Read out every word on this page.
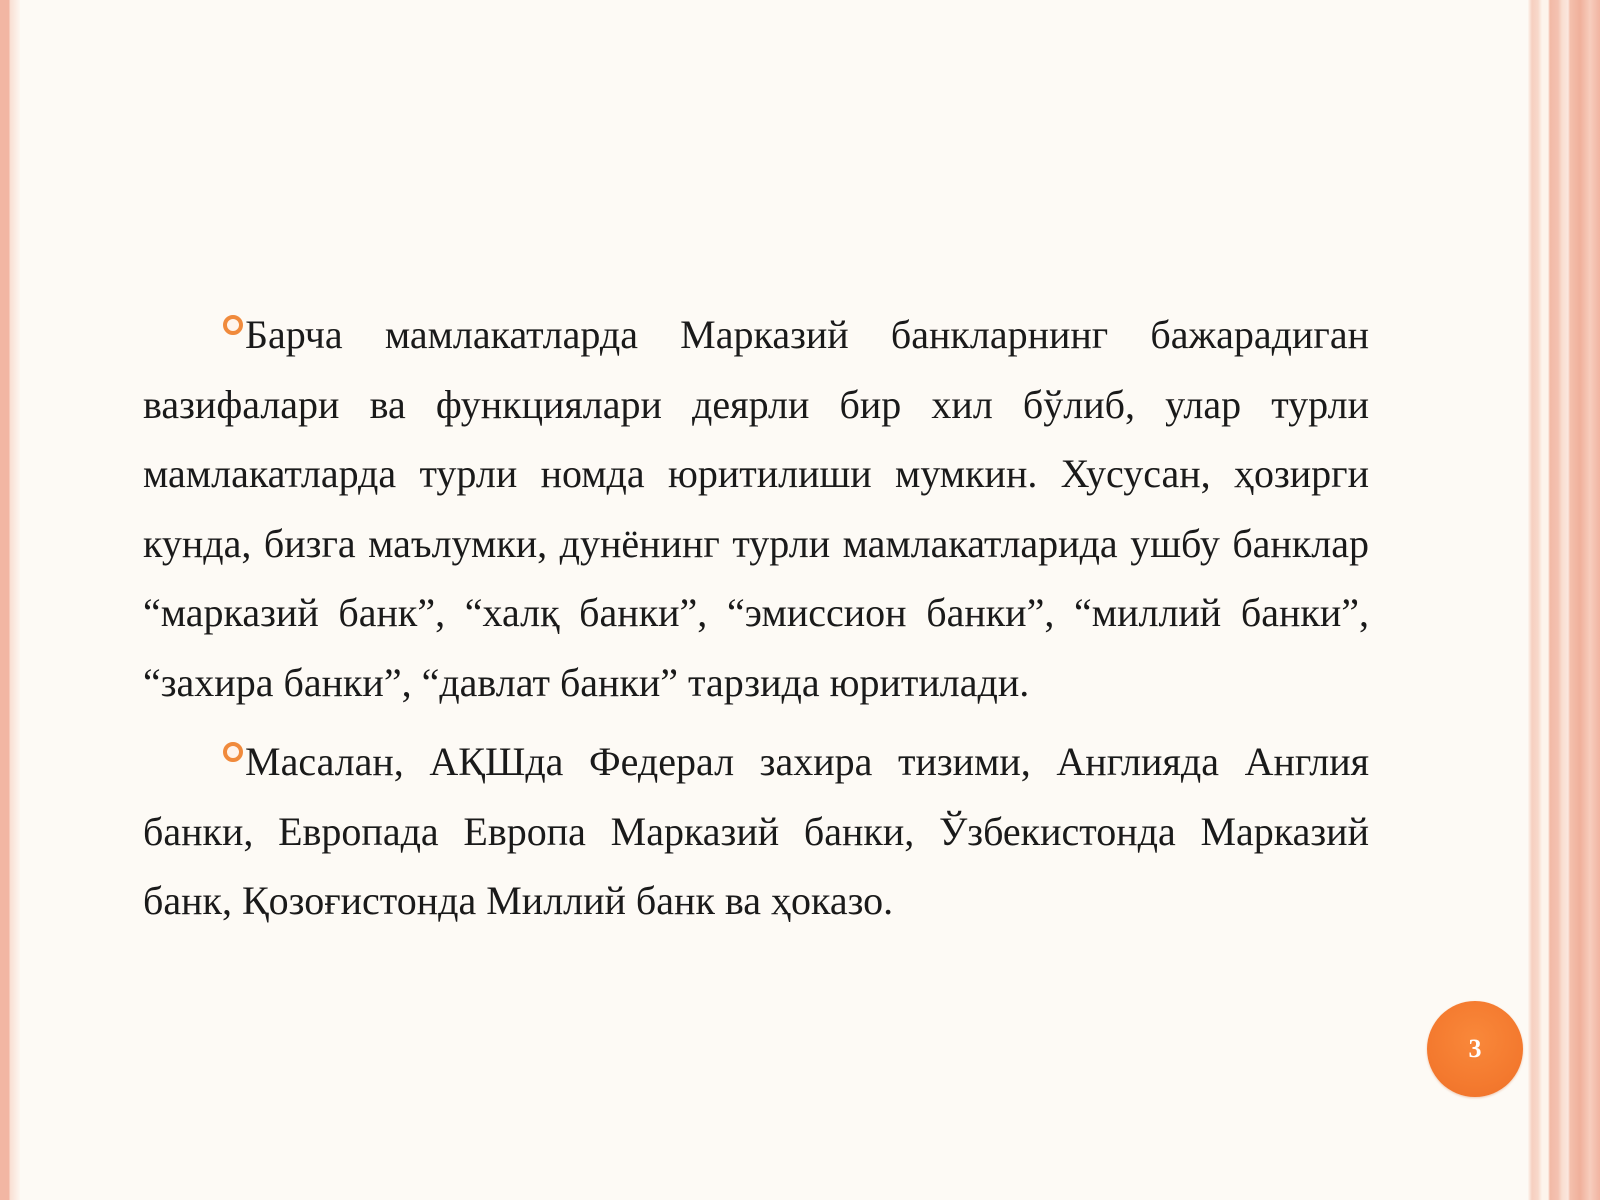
Барча мамлакатларда Марказий банкларнинг бажарадиган вазифалари ва функциялари деярли бир хил бўлиб, улар турли мамлакатларда турли номда юритилиши мумкин. Хусусан, ҳозирги кунда, бизга маълумки, дунёнинг турли мамлакатларида ушбу банклар “марказий банк”, “халқ банки”, “эмиссион банки”, “миллий банки”, “захира банки”, “давлат банки” тарзида юритилади.

Масалан, АҚШда Федерал захира тизими, Англияда Англия банки, Европада Европа Марказий банки, Ўзбекистонда Марказий банк, Қозоғистонда Миллий банк ва ҳоказо.

3
